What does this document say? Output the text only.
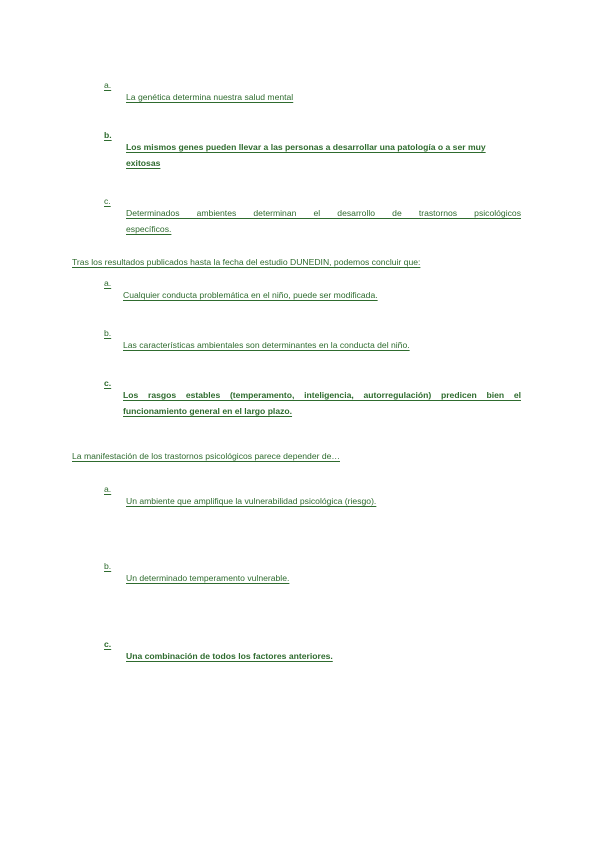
a.
La genética determina nuestra salud mental
b.
Los mismos genes pueden llevar a las personas a desarrollar una patología o a ser muy
exitosas
c.
Determinados ambientes determinan el desarrollo de trastornos psicológicos
específicos.
Tras los resultados publicados hasta la fecha del estudio DUNEDIN, podemos concluir que:
a.
Cualquier conducta problemática en el niño, puede ser modificada.
b.
Las características ambientales son determinantes en la conducta del niño.
c.
Los rasgos estables (temperamento, inteligencia, autorregulación) predicen bien el
funcionamiento general en el largo plazo.
La manifestación de los trastornos psicológicos parece depender de…
a.
Un ambiente que amplifique la vulnerabilidad psicológica (riesgo).
b.
Un determinado temperamento vulnerable.
c.
Una combinación de todos los factores anteriores.
